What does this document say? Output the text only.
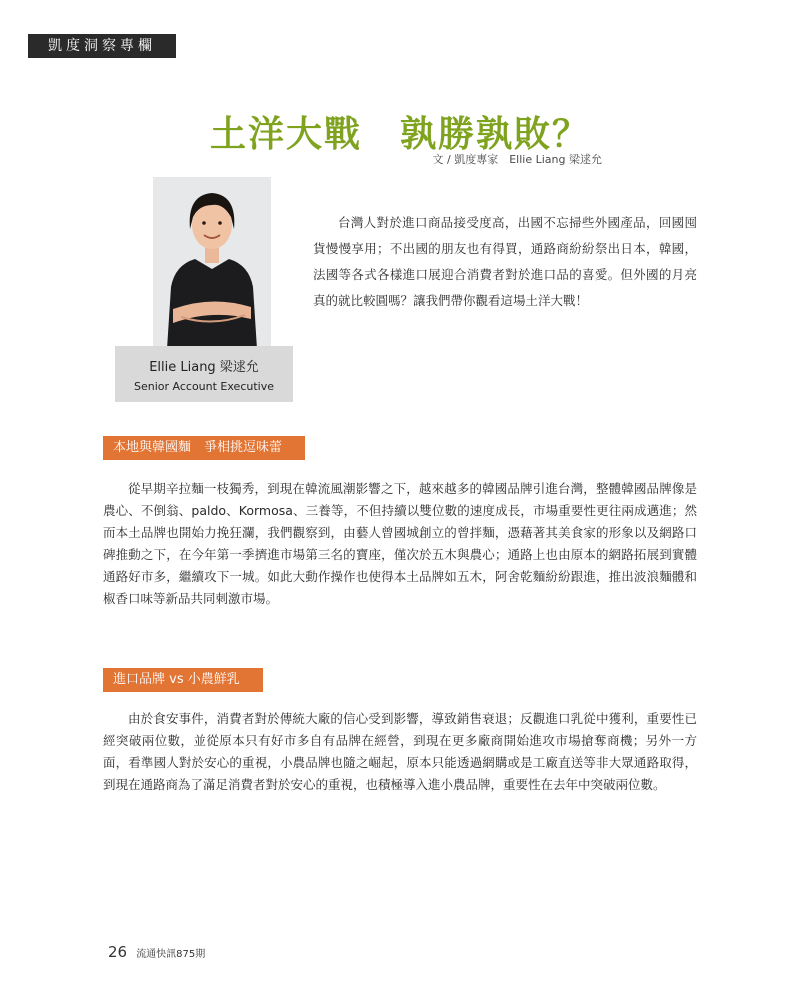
凱度洞察專欄
土洋大戰　孰勝孰敗？
文 / 凱度專家　Ellie Liang 梁逑允
Ellie Liang 梁逑允
Senior Account Executive

台灣人對於進口商品接受度高，出國不忘掃些外國產品，回國囤貨慢慢享用；不出國的朋友也有得買，通路商紛紛祭出日本，韓國，法國等各式各樣進口展迎合消費者對於進口品的喜愛。但外國的月亮真的就比較圓嗎？讓我們帶你觀看這場土洋大戰！

本地與韓國麵　爭相挑逗味蕾

從早期辛拉麵一枝獨秀，到現在韓流風潮影響之下，越來越多的韓國品牌引進台灣，整體韓國品牌像是農心、不倒翁、paldo、Kormosa、三養等，不但持續以雙位數的速度成長，市場重要性更往兩成邁進；然而本土品牌也開始力挽狂瀾，我們觀察到，由藝人曾國城創立的曾拌麵，憑藉著其美食家的形象以及網路口碑推動之下，在今年第一季擠進市場第三名的寶座，僅次於五木與農心；通路上也由原本的網路拓展到實體通路好市多，繼續攻下一城。如此大動作操作也使得本土品牌如五木，阿舍乾麵紛紛跟進，推出波浪麵體和椒香口味等新品共同刺激市場。

進口品牌 vs 小農鮮乳

由於食安事件，消費者對於傳統大廠的信心受到影響，導致銷售衰退；反觀進口乳從中獲利，重要性已經突破兩位數，並從原本只有好市多自有品牌在經營，到現在更多廠商開始進攻市場搶奪商機；另外一方面，看準國人對於安心的重視，小農品牌也隨之崛起，原本只能透過網購或是工廠直送等非大眾通路取得，到現在通路商為了滿足消費者對於安心的重視，也積極導入進小農品牌，重要性在去年中突破兩位數。

26 流通快訊875期
